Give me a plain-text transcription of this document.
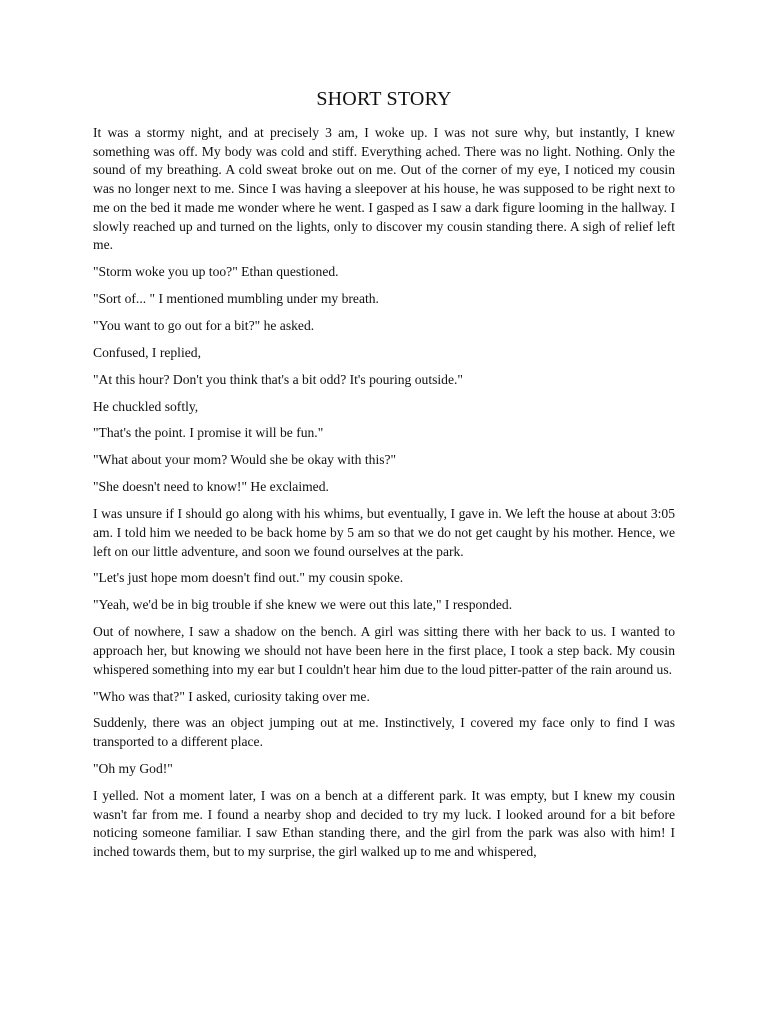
SHORT STORY

It was a stormy night, and at precisely 3 am, I woke up. I was not sure why, but instantly, I knew something was off. My body was cold and stiff. Everything ached. There was no light. Nothing. Only the sound of my breathing. A cold sweat broke out on me. Out of the corner of my eye, I noticed my cousin was no longer next to me. Since I was having a sleepover at his house, he was supposed to be right next to me on the bed it made me wonder where he went. I gasped as I saw a dark figure looming in the hallway. I slowly reached up and turned on the lights, only to discover my cousin standing there. A sigh of relief left me.

"Storm woke you up too?" Ethan questioned.

"Sort of... " I mentioned mumbling under my breath.

"You want to go out for a bit?" he asked.

Confused, I replied,

"At this hour? Don't you think that's a bit odd? It's pouring outside."

He chuckled softly,

"That's the point. I promise it will be fun."

"What about your mom? Would she be okay with this?"

"She doesn't need to know!" He exclaimed.

I was unsure if I should go along with his whims, but eventually, I gave in. We left the house at about 3:05 am. I told him we needed to be back home by 5 am so that we do not get caught by his mother. Hence, we left on our little adventure, and soon we found ourselves at the park.

"Let's just hope mom doesn't find out." my cousin spoke.

"Yeah, we'd be in big trouble if she knew we were out this late," I responded.

Out of nowhere, I saw a shadow on the bench. A girl was sitting there with her back to us. I wanted to approach her, but knowing we should not have been here in the first place, I took a step back. My cousin whispered something into my ear but I couldn't hear him due to the loud pitter-patter of the rain around us.

"Who was that?" I asked, curiosity taking over me.

Suddenly, there was an object jumping out at me. Instinctively, I covered my face only to find I was transported to a different place.

"Oh my God!"

I yelled. Not a moment later, I was on a bench at a different park. It was empty, but I knew my cousin wasn't far from me. I found a nearby shop and decided to try my luck. I looked around for a bit before noticing someone familiar. I saw Ethan standing there, and the girl from the park was also with him! I inched towards them, but to my surprise, the girl walked up to me and whispered,
